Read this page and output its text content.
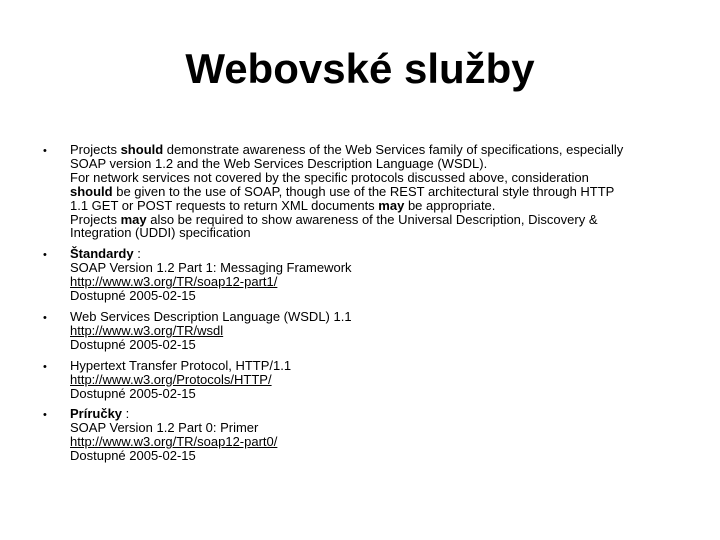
Webovské služby
• Projects should demonstrate awareness of the Web Services family of specifications, especially
SOAP version 1.2 and the Web Services Description Language (WSDL).
For network services not covered by the specific protocols discussed above, consideration
should be given to the use of SOAP, though use of the REST architectural style through HTTP
1.1 GET or POST requests to return XML documents may be appropriate.
Projects may also be required to show awareness of the Universal Description, Discovery &
Integration (UDDI) specification
• Štandardy :
SOAP Version 1.2 Part 1: Messaging Framework
http://www.w3.org/TR/soap12-part1/
Dostupné 2005-02-15
• Web Services Description Language (WSDL) 1.1
http://www.w3.org/TR/wsdl
Dostupné 2005-02-15
• Hypertext Transfer Protocol, HTTP/1.1
http://www.w3.org/Protocols/HTTP/
Dostupné 2005-02-15
• Príručky :
SOAP Version 1.2 Part 0: Primer
http://www.w3.org/TR/soap12-part0/
Dostupné 2005-02-15
